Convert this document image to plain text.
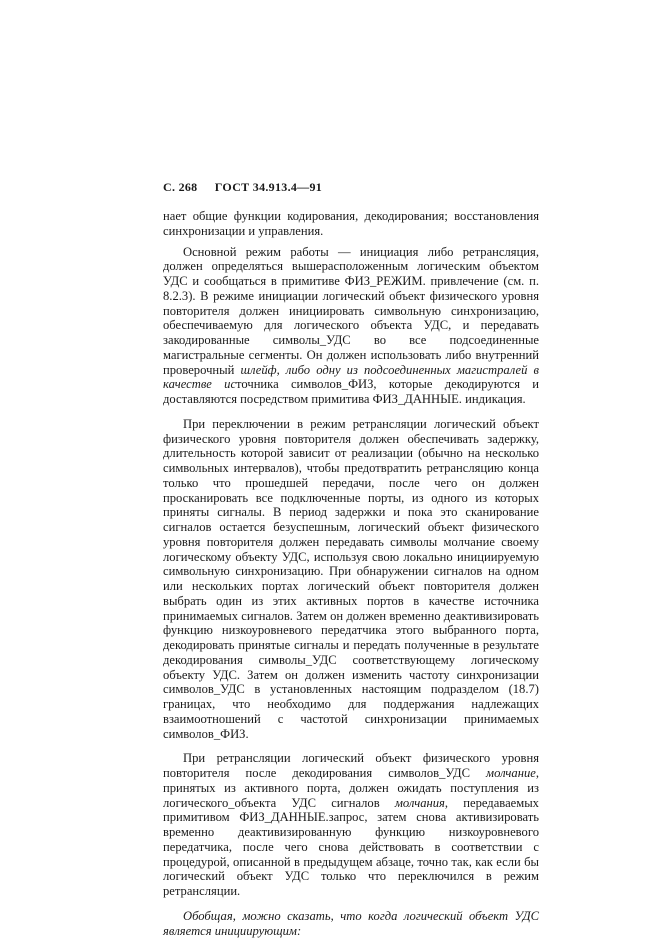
С. 268 ГОСТ 34.913.4—91

нает общие функции кодирования, декодирования; восстановления синхронизации и управления.

Основной режим работы — инициация либо ретрансляция, должен определяться вышерасположенным логическим объектом УДС и сообщаться в примитиве ФИЗ_РЕЖИМ. привлечение (см. п. 8.2.3). В режиме инициации логический объект физического уровня повторителя должен инициировать символьную синхронизацию, обеспечиваемую для логического объекта УДС, и передавать закодированные символы_УДС во все подсоединенные магистральные сегменты. Он должен использовать либо внутренний проверочный шлейф, либо одну из подсоединенных магистралей в качестве источника символов_ФИЗ, которые декодируются и доставляются посредством примитива ФИЗ_ДАННЫЕ. индикация.

При переключении в режим ретрансляции логический объект физического уровня повторителя должен обеспечивать задержку, длительность которой зависит от реализации (обычно на несколько символьных интервалов), чтобы предотвратить ретрансляцию конца только что прошедшей передачи, после чего он должен просканировать все подключенные порты, из одного из которых приняты сигналы. В период задержки и пока это сканирование сигналов остается безуспешным, логический объект физического уровня повторителя должен передавать символы молчание своему логическому объекту УДС, используя свою локально инициируемую символьную синхронизацию. При обнаружении сигналов на одном или нескольких портах логический объект повторителя должен выбрать один из этих активных портов в качестве источника принимаемых сигналов. Затем он должен временно деактивизировать функцию низкоуровневого передатчика этого выбранного порта, декодировать принятые сигналы и передать полученные в результате декодирования символы_УДС соответствующему логическому объекту УДС. Затем он должен изменить частоту синхронизации символов_УДС в установленных настоящим подразделом (18.7) границах, что необходимо для поддержания надлежащих взаимоотношений с частотой синхронизации принимаемых символов_ФИЗ.

При ретрансляции логический объект физического уровня повторителя после декодирования символов_УДС молчание, принятых из активного порта, должен ожидать поступления из логического_объекта УДС сигналов молчания, передаваемых примитивом ФИЗ_ДАННЫЕ.запрос, затем снова активизировать временно деактивизированную функцию низкоуровневого передатчика, после чего снова действовать в соответствии с процедурой, описанной в предыдущем абзаце, точно так, как если бы логический объект УДС только что переключился в режим ретрансляции.

Обобщая, можно сказать, что когда логический объект УДС является инициирующим:
